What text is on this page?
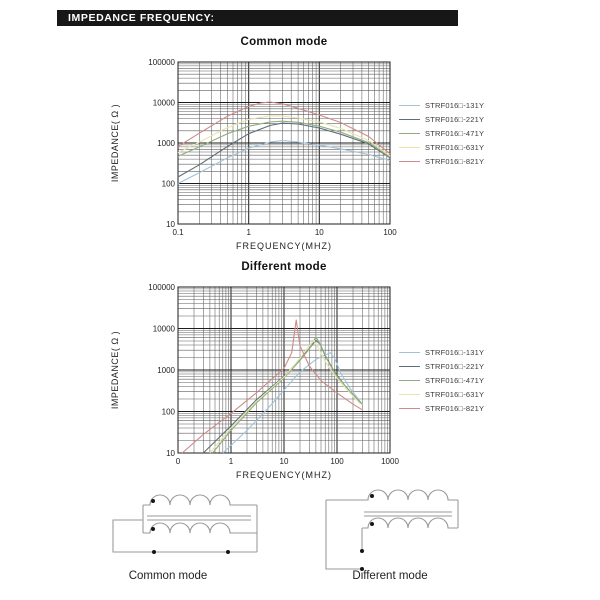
IMPEDANCE FREQUENCY:
Common mode
0.1	1	10	100
10
100
1000
10000
100000
FREQUENCY(MHZ)
IMPEDANCE( Ω )	STRF016□-131Y
STRF016□-221Y
STRF016□-471Y
STRF016□-631Y
STRF016□-821Y
Different mode
0	1	10	100	1000
10
100
1000
10000
100000
FREQUENCY(MHZ)
IMPEDANCE( Ω )	STRF016□-131Y
STRF016□-221Y
STRF016□-471Y
STRF016□-631Y
STRF016□-821Y
Common mode	Different mode
